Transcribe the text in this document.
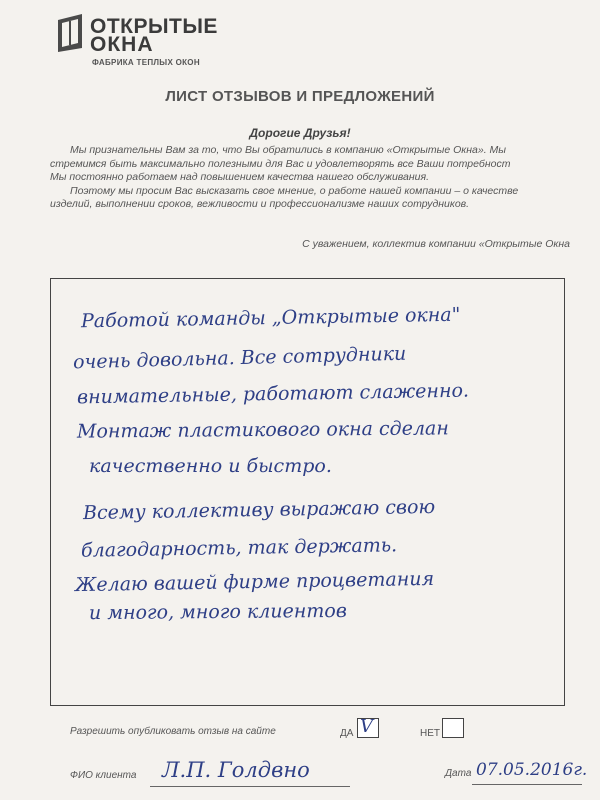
ОТКРЫТЫЕ
ОКНА
ФАБРИКА ТЕПЛЫХ ОКОН
ЛИСТ ОТЗЫВОВ И ПРЕДЛОЖЕНИЙ
Дорогие Друзья!

Мы признательны Вам за то, что Вы обратились в компанию «Открытые Окна». Мы

стремимся быть максимально полезными для Вас и удовлетворять все Ваши потребност

Мы постоянно работаем над повышением качества нашего обслуживания.

Поэтому мы просим Вас высказать свое мнение, о работе нашей компании – о качестве

изделий, выполнении сроков, вежливости и профессионализме наших сотрудников.

С уважением, коллектив компании «Открытые Окна
Работой команды „Открытые окна"
очень довольна. Все сотрудники
внимательные, работают слаженно.
Монтаж пластикового окна сделан
качественно и быстро.
Всему коллективу выражаю свою
благодарность, так держать.
Желаю вашей фирме процветания
и много, много клиентов
Разрешить опубликовать отзыв на сайте	ДА V	НЕТ
ФИО клиента Л.П. Голдвно	Дата 07.05.2016г.
